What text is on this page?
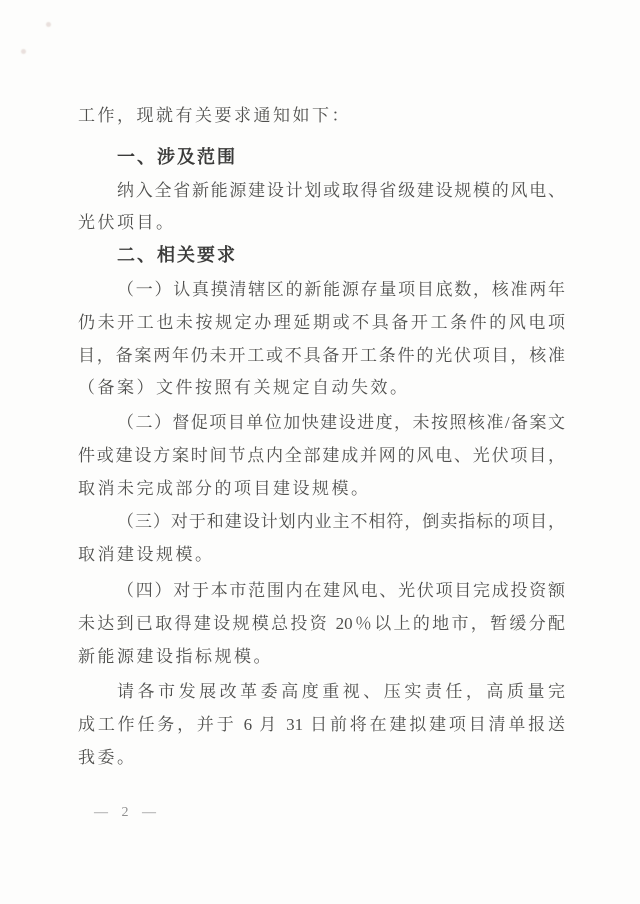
工作，现就有关要求通知如下：
一、涉及范围
纳入全省新能源建设计划或取得省级建设规模的风电、
光伏项目。
二、相关要求
（一）认真摸清辖区的新能源存量项目底数，核准两年
仍未开工也未按规定办理延期或不具备开工条件的风电项
目，备案两年仍未开工或不具备开工条件的光伏项目，核准
（备案）文件按照有关规定自动失效。
（二）督促项目单位加快建设进度，未按照核准/备案文
件或建设方案时间节点内全部建成并网的风电、光伏项目，
取消未完成部分的项目建设规模。
（三）对于和建设计划内业主不相符，倒卖指标的项目，
取消建设规模。
（四）对于本市范围内在建风电、光伏项目完成投资额
未达到已取得建设规模总投资 20％以上的地市，暂缓分配
新能源建设指标规模。
请各市发展改革委高度重视、压实责任，高质量完
成工作任务，并于 6 月 31 日前将在建拟建项目清单报送
我委。
— 2 —
